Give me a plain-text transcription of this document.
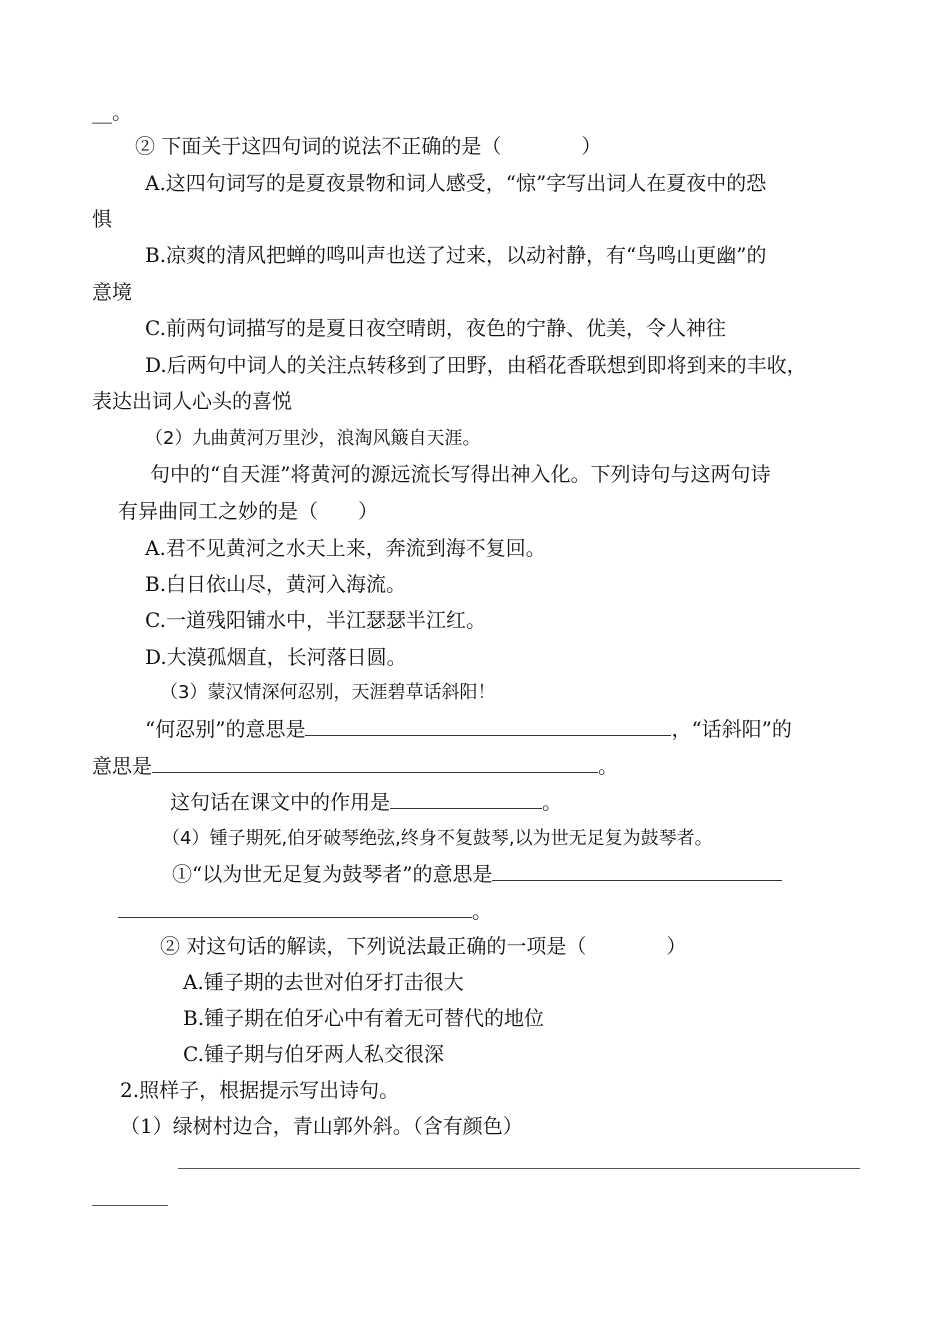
__。
② 下面关于这四句词的说法不正确的是（　　　　）
A.这四句词写的是夏夜景物和词人感受，“惊”字写出词人在夏夜中的恐
惧
B.凉爽的清风把蝉的鸣叫声也送了过来，以动衬静，有“鸟鸣山更幽”的
意境
C.前两句词描写的是夏日夜空晴朗，夜色的宁静、优美，令人神往
D.后两句中词人的关注点转移到了田野，由稻花香联想到即将到来的丰收，
表达出词人心头的喜悦
（2）九曲黄河万里沙，浪淘风簸自天涯。
句中的“自天涯”将黄河的源远流长写得出神入化。下列诗句与这两句诗
有异曲同工之妙的是（　　）
A.君不见黄河之水天上来，奔流到海不复回。
B.白日依山尽，黄河入海流。
C.一道残阳铺水中，半江瑟瑟半江红。
D.大漠孤烟直，长河落日圆。
（3）蒙汉情深何忍别，天涯碧草话斜阳！
“何忍别”的意思是	，“话斜阳”的
意思是	。
这句话在课文中的作用是	。
（4）锺子期死,伯牙破琴绝弦,终身不复鼓琴,以为世无足复为鼓琴者。
①“以为世无足复为鼓琴者”的意思是
。
② 对这句话的解读，下列说法最正确的一项是（　　　　）
A.锺子期的去世对伯牙打击很大
B.锺子期在伯牙心中有着无可替代的地位
C.锺子期与伯牙两人私交很深
2.照样子，根据提示写出诗句。
（1）绿树村边合，青山郭外斜。（含有颜色）
